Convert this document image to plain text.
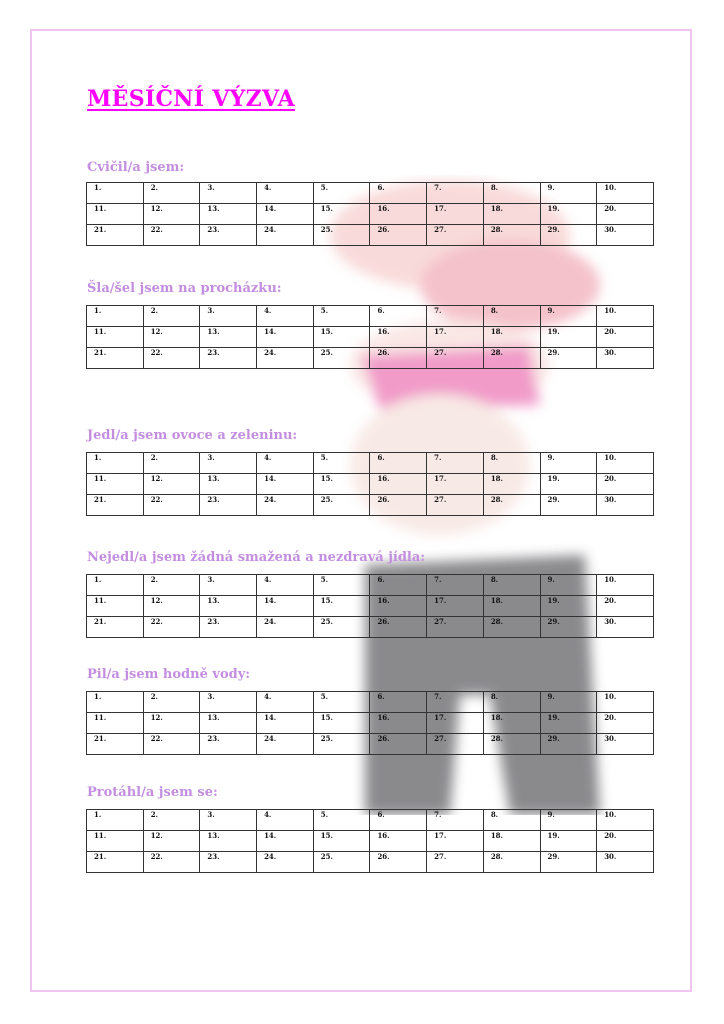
MĚSÍČNÍ VÝZVA
Cvičil/a jsem:
1.	2.	3.	4.	5.	6.	7.	8.	9.	10.
11.	12.	13.	14.	15.	16.	17.	18.	19.	20.
21.	22.	23.	24.	25.	26.	27.	28.	29.	30.
Šla/šel jsem na procházku:
1.	2.	3.	4.	5.	6.	7.	8.	9.	10.
11.	12.	13.	14.	15.	16.	17.	18.	19.	20.
21.	22.	23.	24.	25.	26.	27.	28.	29.	30.
Jedl/a jsem ovoce a zeleninu:
1.	2.	3.	4.	5.	6.	7.	8.	9.	10.
11.	12.	13.	14.	15.	16.	17.	18.	19.	20.
21.	22.	23.	24.	25.	26.	27.	28.	29.	30.
Nejedl/a jsem žádná smažená a nezdravá jídla:
1.	2.	3.	4.	5.	6.	7.	8.	9.	10.
11.	12.	13.	14.	15.	16.	17.	18.	19.	20.
21.	22.	23.	24.	25.	26.	27.	28.	29.	30.
Pil/a jsem hodně vody:
1.	2.	3.	4.	5.	6.	7.	8.	9.	10.
11.	12.	13.	14.	15.	16.	17.	18.	19.	20.
21.	22.	23.	24.	25.	26.	27.	28.	29.	30.
Protáhl/a jsem se:
1.	2.	3.	4.	5.	6.	7.	8.	9.	10.
11.	12.	13.	14.	15.	16.	17.	18.	19.	20.
21.	22.	23.	24.	25.	26.	27.	28.	29.	30.
